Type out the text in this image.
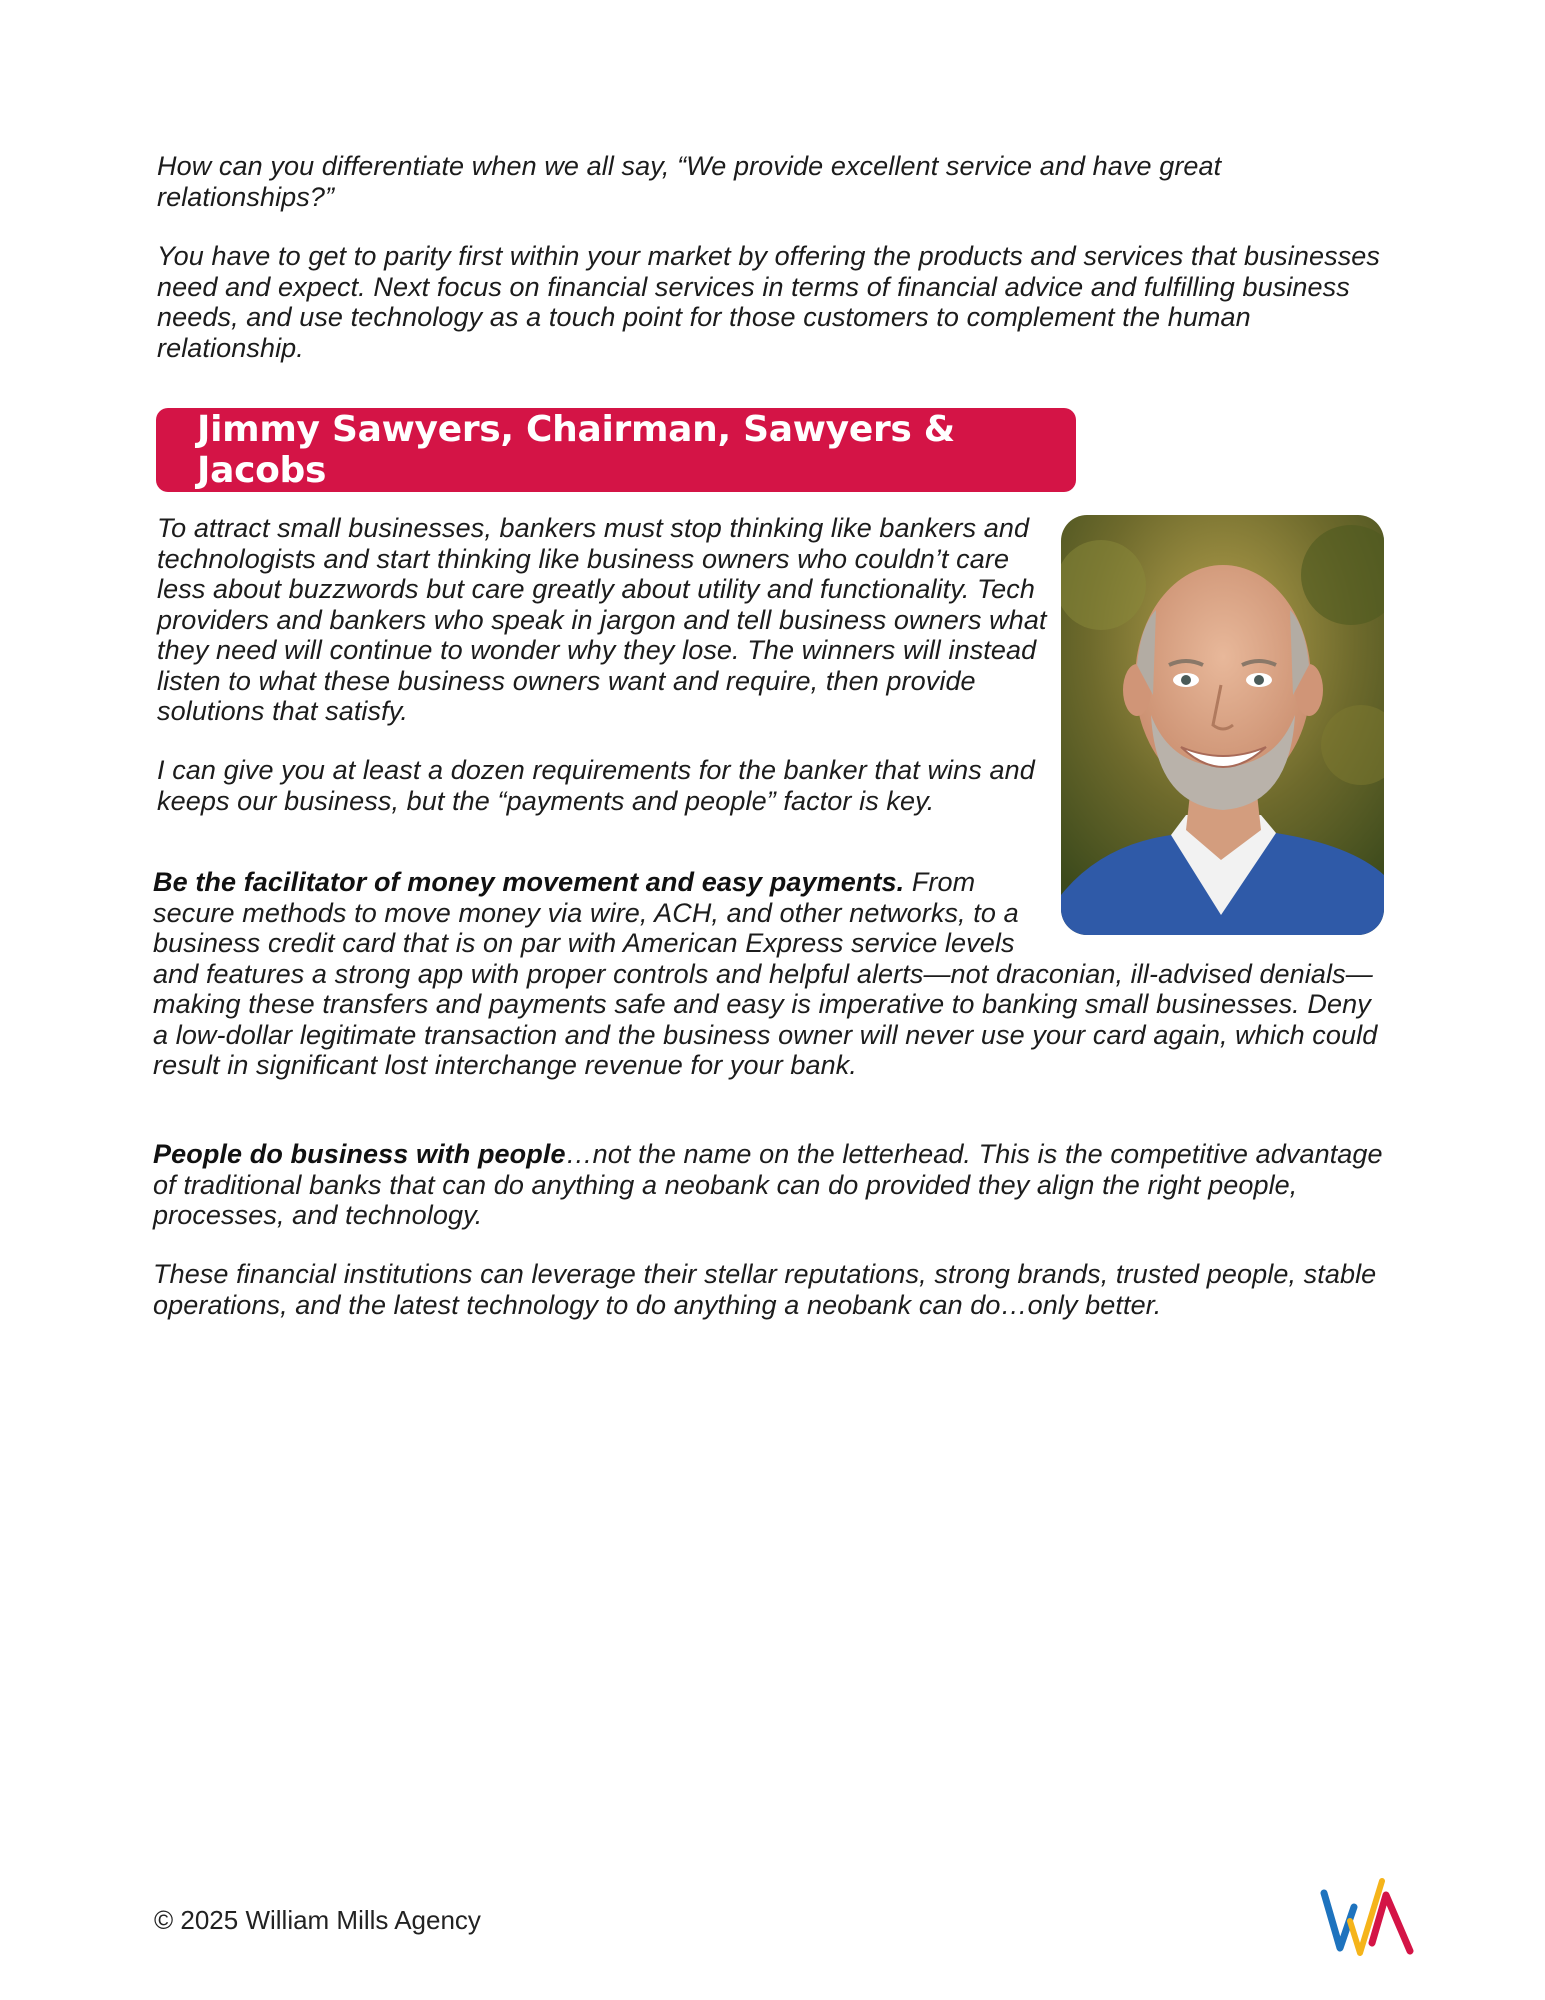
How can you differentiate when we all say, “We provide excellent service and have great relationships?”

You have to get to parity first within your market by offering the products and services that businesses need and expect. Next focus on financial services in terms of financial advice and fulfilling business needs, and use technology as a touch point for those customers to complement the human relationship.

Jimmy Sawyers, Chairman, Sawyers & Jacobs

To attract small businesses, bankers must stop thinking like bankers and technologists and start thinking like business owners who couldn’t care less about buzzwords but care greatly about utility and functionality. Tech providers and bankers who speak in jargon and tell business owners what they need will continue to wonder why they lose. The winners will instead listen to what these business owners want and require, then provide solutions that satisfy.

I can give you at least a dozen requirements for the banker that wins and keeps our business, but the “payments and people” factor is key.

Be the facilitator of money movement and easy payments. From secure methods to move money via wire, ACH, and other networks, to a business credit card that is on par with American Express service levels and features a strong app with proper controls and helpful alerts—not draconian, ill-advised denials—making these transfers and payments safe and easy is imperative to banking small businesses. Deny a low-dollar legitimate transaction and the business owner will never use your card again, which could result in significant lost interchange revenue for your bank.

People do business with people…not the name on the letterhead. This is the competitive advantage of traditional banks that can do anything a neobank can do provided they align the right people, processes, and technology.

These financial institutions can leverage their stellar reputations, strong brands, trusted people, stable operations, and the latest technology to do anything a neobank can do…only better.

© 2025 William Mills Agency
